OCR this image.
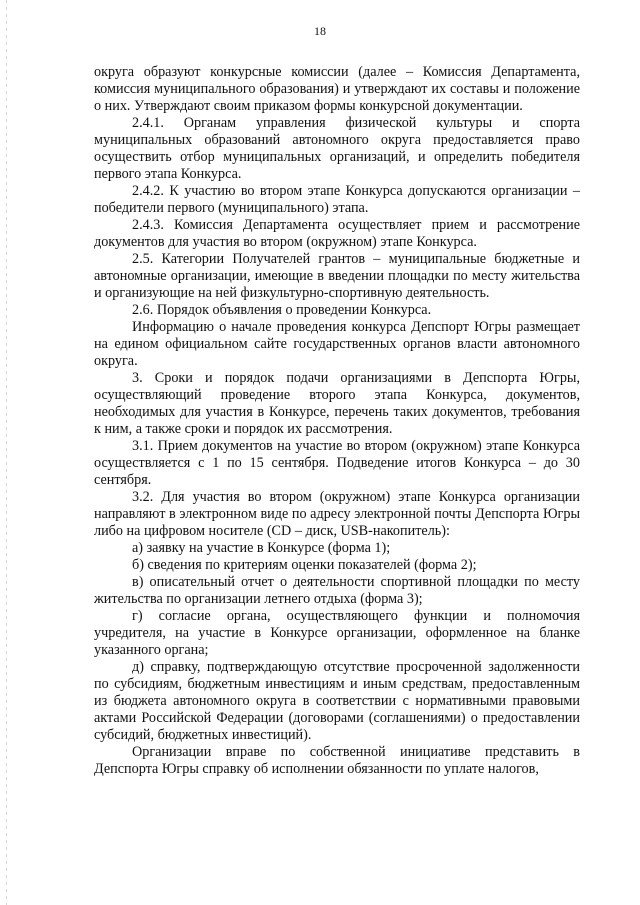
18

округа образуют конкурсные комиссии (далее – Комиссия Департамента, комиссия муниципального образования) и утверждают их составы и положение о них. Утверждают своим приказом формы конкурсной документации.

2.4.1. Органам управления физической культуры и спорта муниципальных образований автономного округа предоставляется право осуществить отбор муниципальных организаций, и определить победителя первого этапа Конкурса.

2.4.2. К участию во втором этапе Конкурса допускаются организации – победители первого (муниципального) этапа.

2.4.3. Комиссия Департамента осуществляет прием и рассмотрение документов для участия во втором (окружном) этапе Конкурса.

2.5. Категории Получателей грантов – муниципальные бюджетные и автономные организации, имеющие в введении площадки по месту жительства и организующие на ней физкультурно-спортивную деятельность.

2.6. Порядок объявления о проведении Конкурса.

Информацию о начале проведения конкурса Депспорт Югры размещает на едином официальном сайте государственных органов власти автономного округа.

3. Сроки и порядок подачи организациями в Депспорта Югры, осуществляющий проведение второго этапа Конкурса, документов, необходимых для участия в Конкурсе, перечень таких документов, требования к ним, а также сроки и порядок их рассмотрения.

3.1. Прием документов на участие во втором (окружном) этапе Конкурса осуществляется с 1 по 15 сентября. Подведение итогов Конкурса – до 30 сентября.

3.2. Для участия во втором (окружном) этапе Конкурса организации направляют в электронном виде по адресу электронной почты Депспорта Югры либо на цифровом носителе (CD – диск, USB-накопитель):

а) заявку на участие в Конкурсе (форма 1);

б) сведения по критериям оценки показателей (форма 2);

в) описательный отчет о деятельности спортивной площадки по месту жительства по организации летнего отдыха (форма 3);

г) согласие органа, осуществляющего функции и полномочия учредителя, на участие в Конкурсе организации, оформленное на бланке указанного органа;

д) справку, подтверждающую отсутствие просроченной задолженности по субсидиям, бюджетным инвестициям и иным средствам, предоставленным из бюджета автономного округа в соответствии с нормативными правовыми актами Российской Федерации (договорами (соглашениями) о предоставлении субсидий, бюджетных инвестиций).

Организации вправе по собственной инициативе представить в Депспорта Югры справку об исполнении обязанности по уплате налогов,
